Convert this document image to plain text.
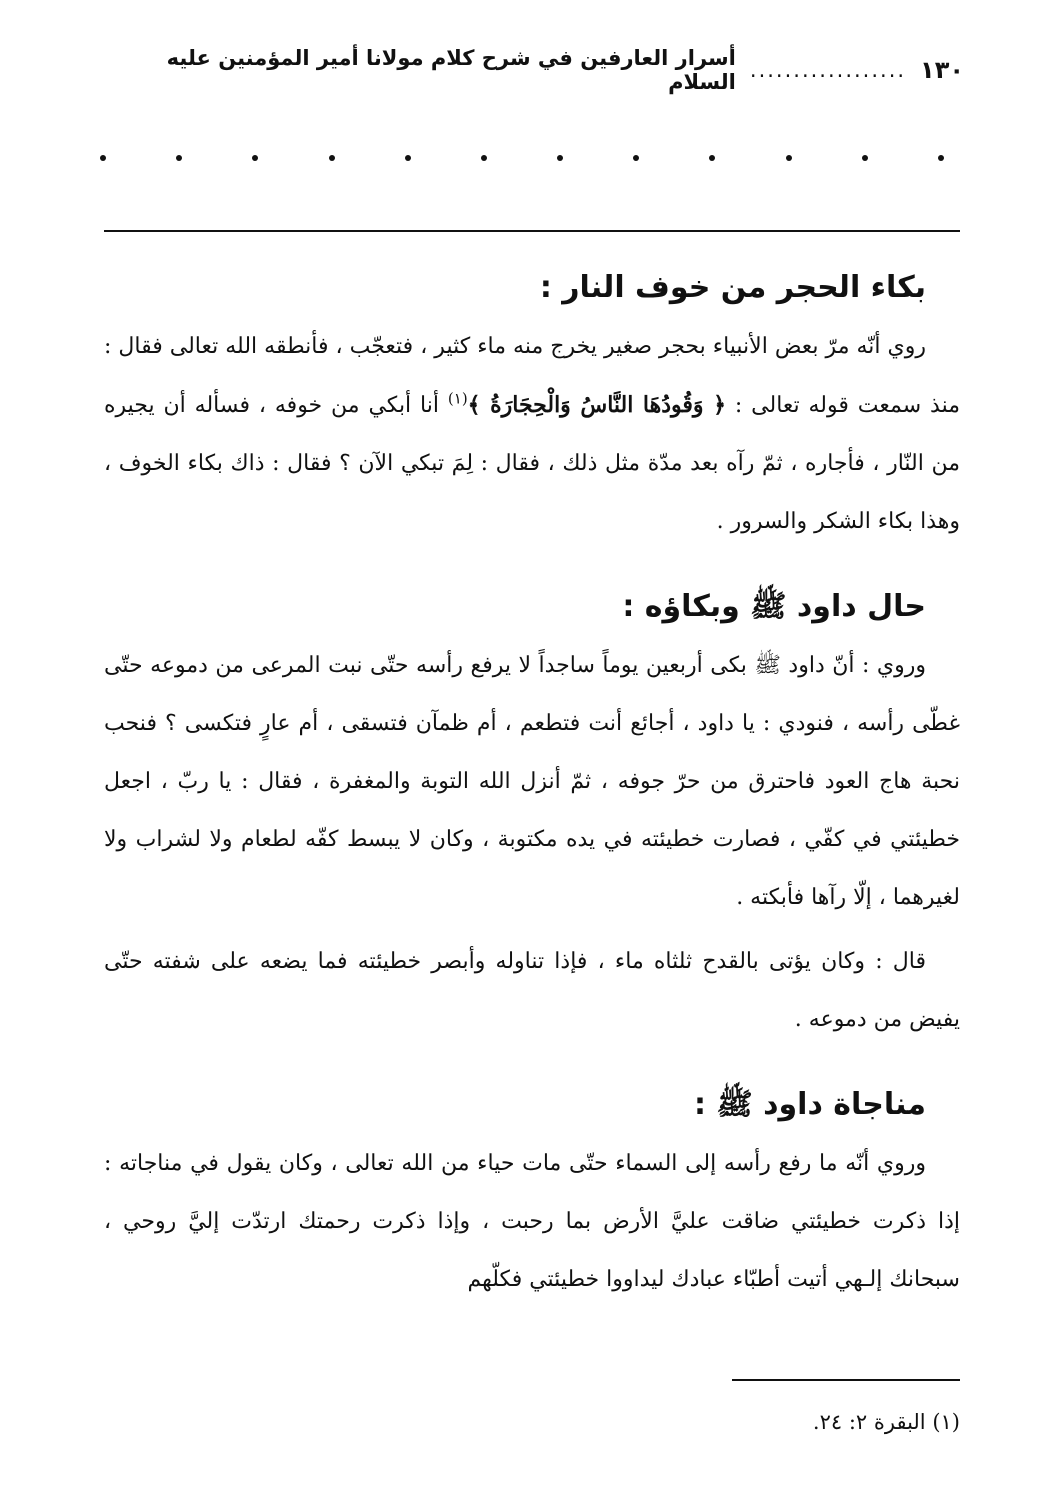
١٣٠
..................
أسرار العارفين في شرح كلام مولانا أمير المؤمنين عليه السلام
بكاء الحجر من خوف النار :

روي أنّه مرّ بعض الأنبياء بحجر صغير يخرج منه ماء كثير ، فتعجّب ، فأنطقه الله تعالى فقال : منذ سمعت قوله تعالى : ﴿ وَقُودُهَا النَّاسُ وَالْحِجَارَةُ ﴾$^{(١)}$ أنا أبكي من خوفه ، فسأله أن يجيره من النّار ، فأجاره ، ثمّ رآه بعد مدّة مثل ذلك ، فقال : لِمَ تبكي الآن ؟ فقال : ذاك بكاء الخوف ، وهذا بكاء الشكر والسرور .

حال داود ﷺ وبكاؤه :

وروي : أنّ داود ﷺ بكى أربعين يوماً ساجداً لا يرفع رأسه حتّى نبت المرعى من دموعه حتّى غطّى رأسه ، فنودي : يا داود ، أجائع أنت فتطعم ، أم ظمآن فتسقى ، أم عارٍ فتكسى ؟ فنحب نحبة هاج العود فاحترق من حرّ جوفه ، ثمّ أنزل الله التوبة والمغفرة ، فقال : يا ربّ ، اجعل خطيئتي في كفّي ، فصارت خطيئته في يده مكتوبة ، وكان لا يبسط كفّه لطعام ولا لشراب ولا لغيرهما ، إلّا رآها فأبكته .

قال : وكان يؤتى بالقدح ثلثاه ماء ، فإذا تناوله وأبصر خطيئته فما يضعه على شفته حتّى يفيض من دموعه .

مناجاة داود ﷺ :

وروي أنّه ما رفع رأسه إلى السماء حتّى مات حياء من الله تعالى ، وكان يقول في مناجاته : إذا ذكرت خطيئتي ضاقت عليَّ الأرض بما رحبت ، وإذا ذكرت رحمتك ارتدّت إليَّ روحي ، سبحانك إلـهي أتيت أطبّاء عبادك ليداووا خطيئتي فكلّهم

(١) البقرة ٢: ٢٤.
